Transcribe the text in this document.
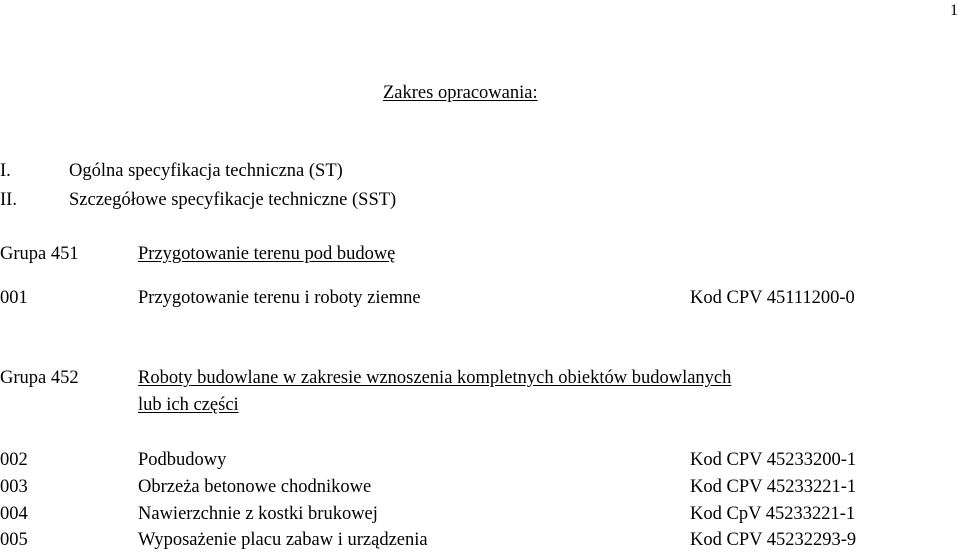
1
Zakres opracowania:
I.	Ogólna specyfikacja techniczna (ST)
II.	Szczegółowe specyfikacje techniczne (SST)
Grupa 451	Przygotowanie terenu pod budowę
001	Przygotowanie terenu i roboty ziemne	Kod CPV 45111200-0
Grupa 452	Roboty budowlane w zakresie wznoszenia kompletnych obiektów budowlanych
lub ich części
002	Podbudowy	Kod CPV 45233200-1
003	Obrzeża betonowe chodnikowe	Kod CPV 45233221-1
004	Nawierzchnie z kostki brukowej	Kod CpV 45233221-1
005	Wyposażenie placu zabaw i urządzenia	Kod CPV 45232293-9
